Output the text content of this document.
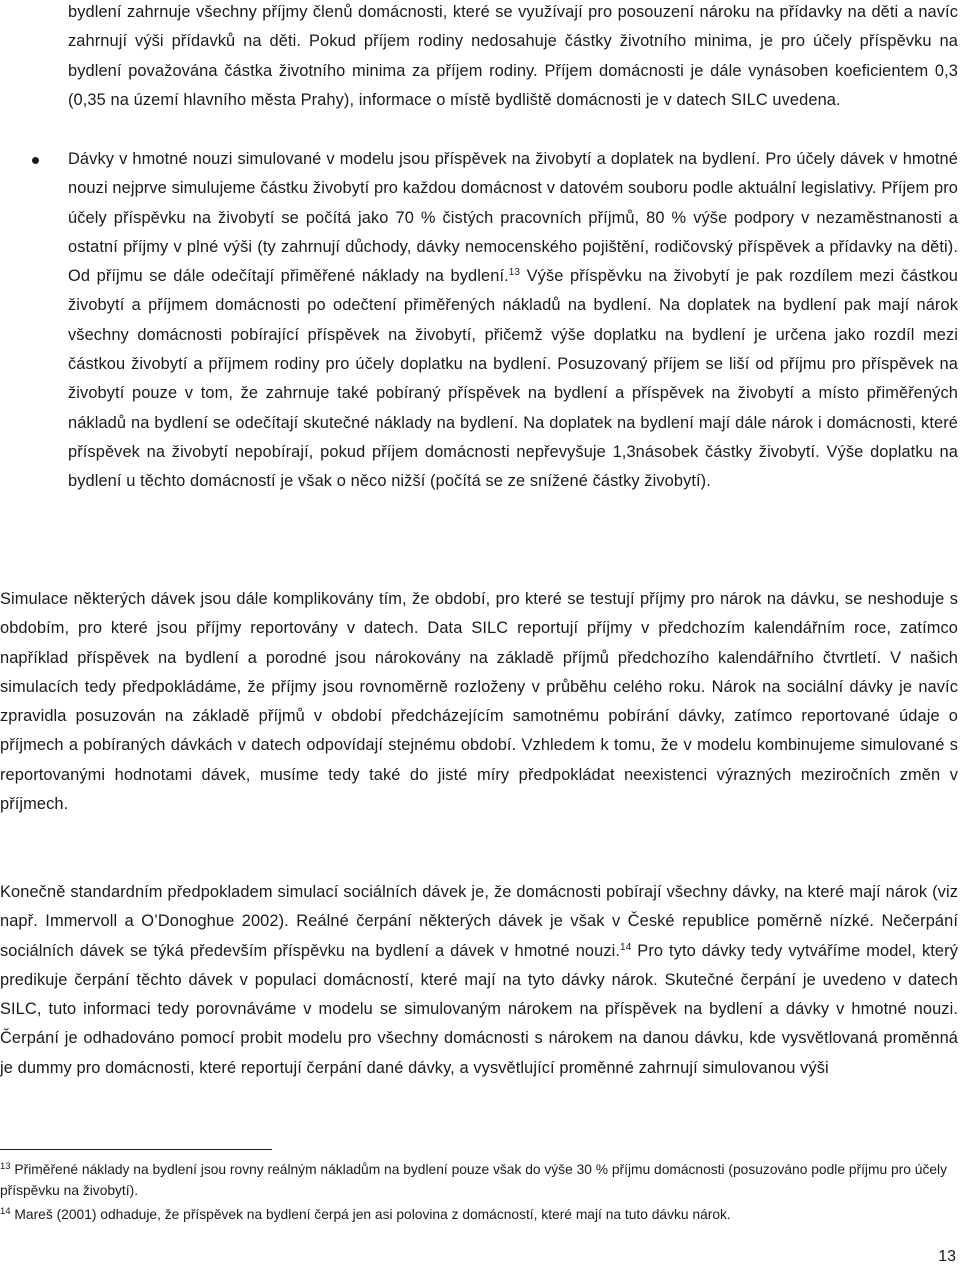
bydlení zahrnuje všechny příjmy členů domácnosti, které se využívají pro posouzení nároku na přídavky na děti a navíc zahrnují výši přídavků na děti. Pokud příjem rodiny nedosahuje částky životního minima, je pro účely příspěvku na bydlení považována částka životního minima za příjem rodiny. Příjem domácnosti je dále vynásoben koeficientem 0,3 (0,35 na území hlavního města Prahy), informace o místě bydliště domácnosti je v datech SILC uvedena.

Dávky v hmotné nouzi simulované v modelu jsou příspěvek na živobytí a doplatek na bydlení. Pro účely dávek v hmotné nouzi nejprve simulujeme částku živobytí pro každou domácnost v datovém souboru podle aktuální legislativy. Příjem pro účely příspěvku na živobytí se počítá jako 70 % čistých pracovních příjmů, 80 % výše podpory v nezaměstnanosti a ostatní příjmy v plné výši (ty zahrnují důchody, dávky nemocenského pojištění, rodičovský příspěvek a přídavky na děti). Od příjmu se dále odečítají přiměřené náklady na bydlení.$^{13}$ Výše příspěvku na živobytí je pak rozdílem mezi částkou živobytí a příjmem domácnosti po odečtení přiměřených nákladů na bydlení. Na doplatek na bydlení pak mají nárok všechny domácnosti pobírající příspěvek na živobytí, přičemž výše doplatku na bydlení je určena jako rozdíl mezi částkou živobytí a příjmem rodiny pro účely doplatku na bydlení. Posuzovaný příjem se liší od příjmu pro příspěvek na živobytí pouze v tom, že zahrnuje také pobíraný příspěvek na bydlení a příspěvek na živobytí a místo přiměřených nákladů na bydlení se odečítají skutečné náklady na bydlení. Na doplatek na bydlení mají dále nárok i domácnosti, které příspěvek na živobytí nepobírají, pokud příjem domácnosti nepřevyšuje 1,3násobek částky živobytí. Výše doplatku na bydlení u těchto domácností je však o něco nižší (počítá se ze snížené částky živobytí).

Simulace některých dávek jsou dále komplikovány tím, že období, pro které se testují příjmy pro nárok na dávku, se neshoduje s obdobím, pro které jsou příjmy reportovány v datech. Data SILC reportují příjmy v předchozím kalendářním roce, zatímco například příspěvek na bydlení a porodné jsou nárokovány na základě příjmů předchozího kalendářního čtvrtletí. V našich simulacích tedy předpokládáme, že příjmy jsou rovnoměrně rozloženy v průběhu celého roku. Nárok na sociální dávky je navíc zpravidla posuzován na základě příjmů v období předcházejícím samotnému pobírání dávky, zatímco reportované údaje o příjmech a pobíraných dávkách v datech odpovídají stejnému období. Vzhledem k tomu, že v modelu kombinujeme simulované s reportovanými hodnotami dávek, musíme tedy také do jisté míry předpokládat neexistenci výrazných meziročních změn v příjmech.

Konečně standardním předpokladem simulací sociálních dávek je, že domácnosti pobírají všechny dávky, na které mají nárok (viz např. Immervoll a O’Donoghue 2002). Reálné čerpání některých dávek je však v České republice poměrně nízké. Nečerpání sociálních dávek se týká především příspěvku na bydlení a dávek v hmotné nouzi.$^{14}$ Pro tyto dávky tedy vytváříme model, který predikuje čerpání těchto dávek v populaci domácností, které mají na tyto dávky nárok. Skutečné čerpání je uvedeno v datech SILC, tuto informaci tedy porovnáváme v modelu se simulovaným nárokem na příspěvek na bydlení a dávky v hmotné nouzi. Čerpání je odhadováno pomocí probit modelu pro všechny domácnosti s nárokem na danou dávku, kde vysvětlovaná proměnná je dummy pro domácnosti, které reportují čerpání dané dávky, a vysvětlující proměnné zahrnují simulovanou výši

$^{13}$ Přiměřené náklady na bydlení jsou rovny reálným nákladům na bydlení pouze však do výše 30 % příjmu domácnosti (posuzováno podle příjmu pro účely příspěvku na živobytí).

$^{14}$ Mareš (2001) odhaduje, že příspěvek na bydlení čerpá jen asi polovina z domácností, které mají na tuto dávku nárok.

13
